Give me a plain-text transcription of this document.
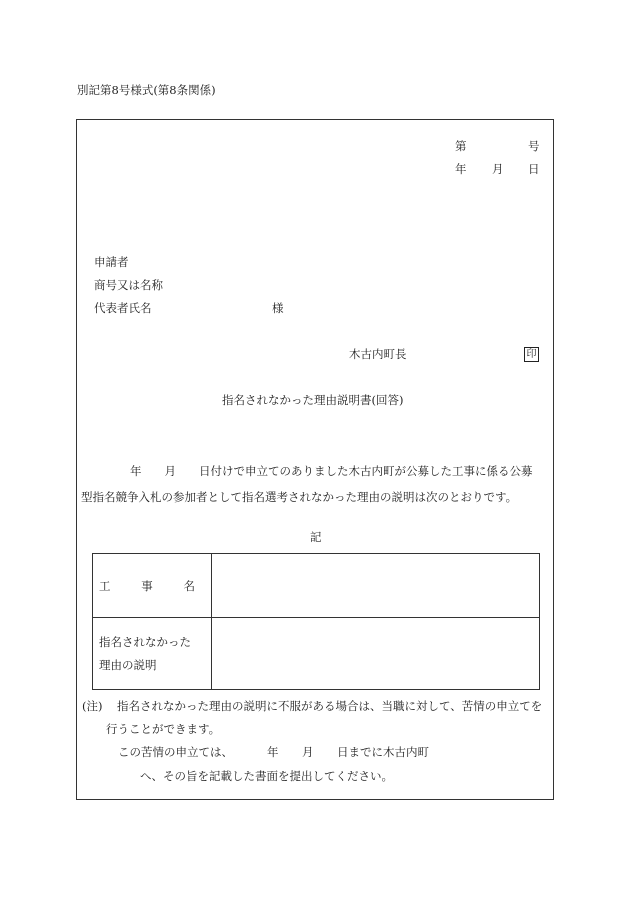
別記第8号様式(第8条関係)
第	号
年 月 日
申請者
商号又は名称
代表者氏名	様
木古内町長	印
指名されなかった理由説明書(回答)
年　　月　　日付けで申立てのありました木古内町が公募した工事に係る公募
型指名競争入札の参加者として指名選考されなかった理由の説明は次のとおりです。
記
工 事 名	

指名されなかった
理由の説明	

(注) 指名されなかった理由の説明に不服がある場合は、当職に対して、苦情の申立てを
行うことができます。
この苦情の申立ては、	年 月 日までに木古内町
へ、その旨を記載した書面を提出してください。
